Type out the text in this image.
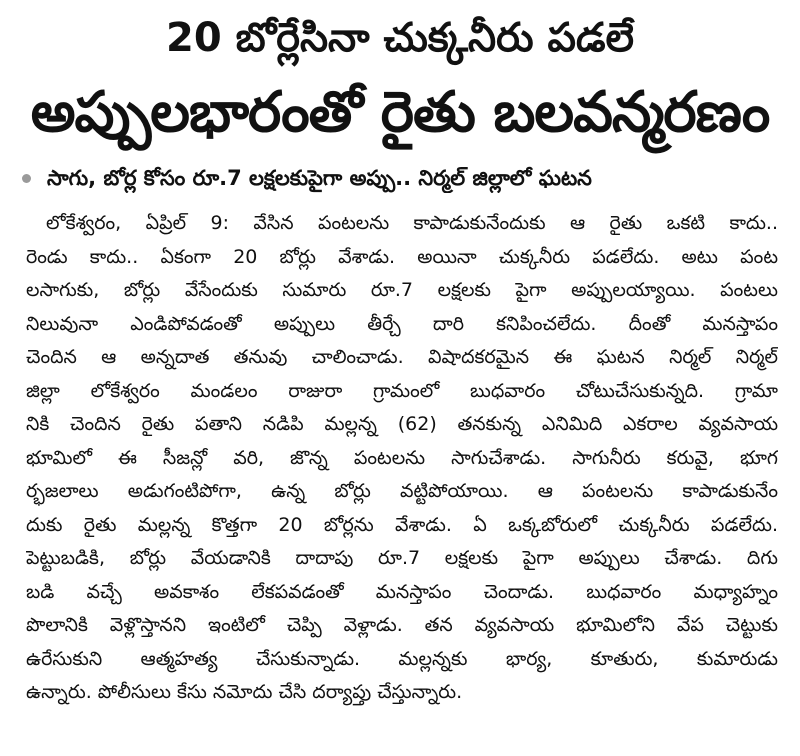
20 బోర్లేసినా చుక్కనీరు పడలే
అప్పులభారంతో రైతు బలవన్మరణం
సాగు, బోర్ల కోసం రూ.7 లక్షలకుపైగా అప్పు.. నిర్మల్ జిల్లాలో ఘటన
లోకేశ్వరం, ఏప్రిల్ 9: వేసిన పంటలను కాపాడుకునేందుకు ఆ రైతు ఒకటి కాదు..
రెండు కాదు.. ఏకంగా 20 బోర్లు వేశాడు. అయినా చుక్కనీరు పడలేదు. అటు పంట
లసాగుకు, బోర్లు వేసేందుకు సుమారు రూ.7 లక్షలకు పైగా అప్పులయ్యాయి. పంటలు
నిలువునా ఎండిపోవడంతో అప్పులు తీర్చే దారి కనిపించలేదు. దీంతో మనస్తాపం
చెందిన ఆ అన్నదాత తనువు చాలించాడు. విషాదకరమైన ఈ ఘటన నిర్మల్ నిర్మల్
జిల్లా లోకేశ్వరం మండలం రాజురా గ్రామంలో బుధవారం చోటుచేసుకున్నది. గ్రామా
నికి చెందిన రైతు పతాని నడిపి మల్లన్న (62) తనకున్న ఎనిమిది ఎకరాల వ్యవసాయ
భూమిలో ఈ సీజన్లో వరి, జొన్న పంటలను సాగుచేశాడు. సాగునీరు కరువై, భూగ
ర్భజలాలు అడుగంటిపోగా, ఉన్న బోర్లు వట్టిపోయాయి. ఆ పంటలను కాపాడుకునేం
దుకు రైతు మల్లన్న కొత్తగా 20 బోర్లను వేశాడు. ఏ ఒక్కబోరులో చుక్కనీరు పడలేదు.
పెట్టుబడికి, బోర్లు వేయడానికి దాదాపు రూ.7 లక్షలకు పైగా అప్పులు చేశాడు. దిగు
బడి వచ్చే అవకాశం లేకపవడంతో మనస్తాపం చెందాడు. బుధవారం మధ్యాహ్నం
పొలానికి వెళ్లొస్తానని ఇంటిలో చెప్పి వెళ్లాడు. తన వ్యవసాయ భూమిలోని వేప చెట్టుకు
ఉరేసుకుని ఆత్మహత్య చేసుకున్నాడు. మల్లన్నకు భార్య, కూతురు, కుమారుడు
ఉన్నారు. పోలీసులు కేసు నమోదు చేసి దర్యాప్తు చేస్తున్నారు.
